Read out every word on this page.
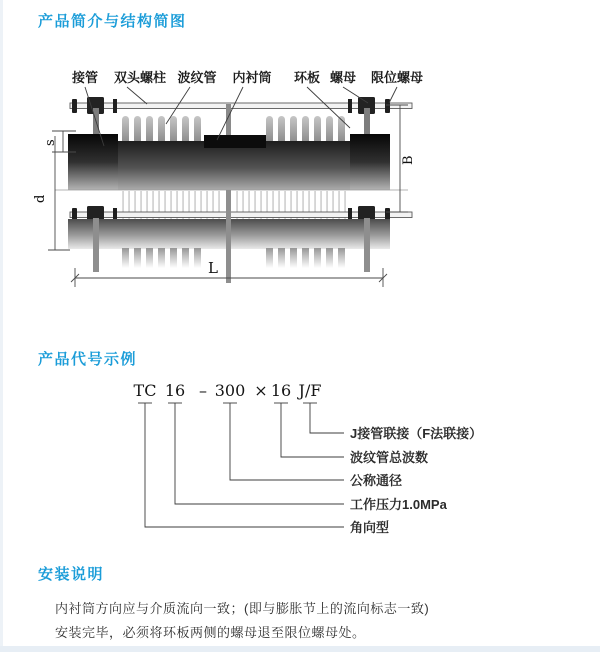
产品简介与结构简图
s
d
B
L
接管 双头螺柱 波纹管 内衬筒 环板 螺母 限位螺母
产品代号示例
TC 16 – 300 × 16 J/F
J接管联接（F法联接）
波纹管总波数
公称通径
工作压力1.0MPa
角向型
安装说明
内衬筒方向应与介质流向一致；(即与膨胀节上的流向标志一致)
安装完毕，必须将环板两侧的螺母退至限位螺母处。
